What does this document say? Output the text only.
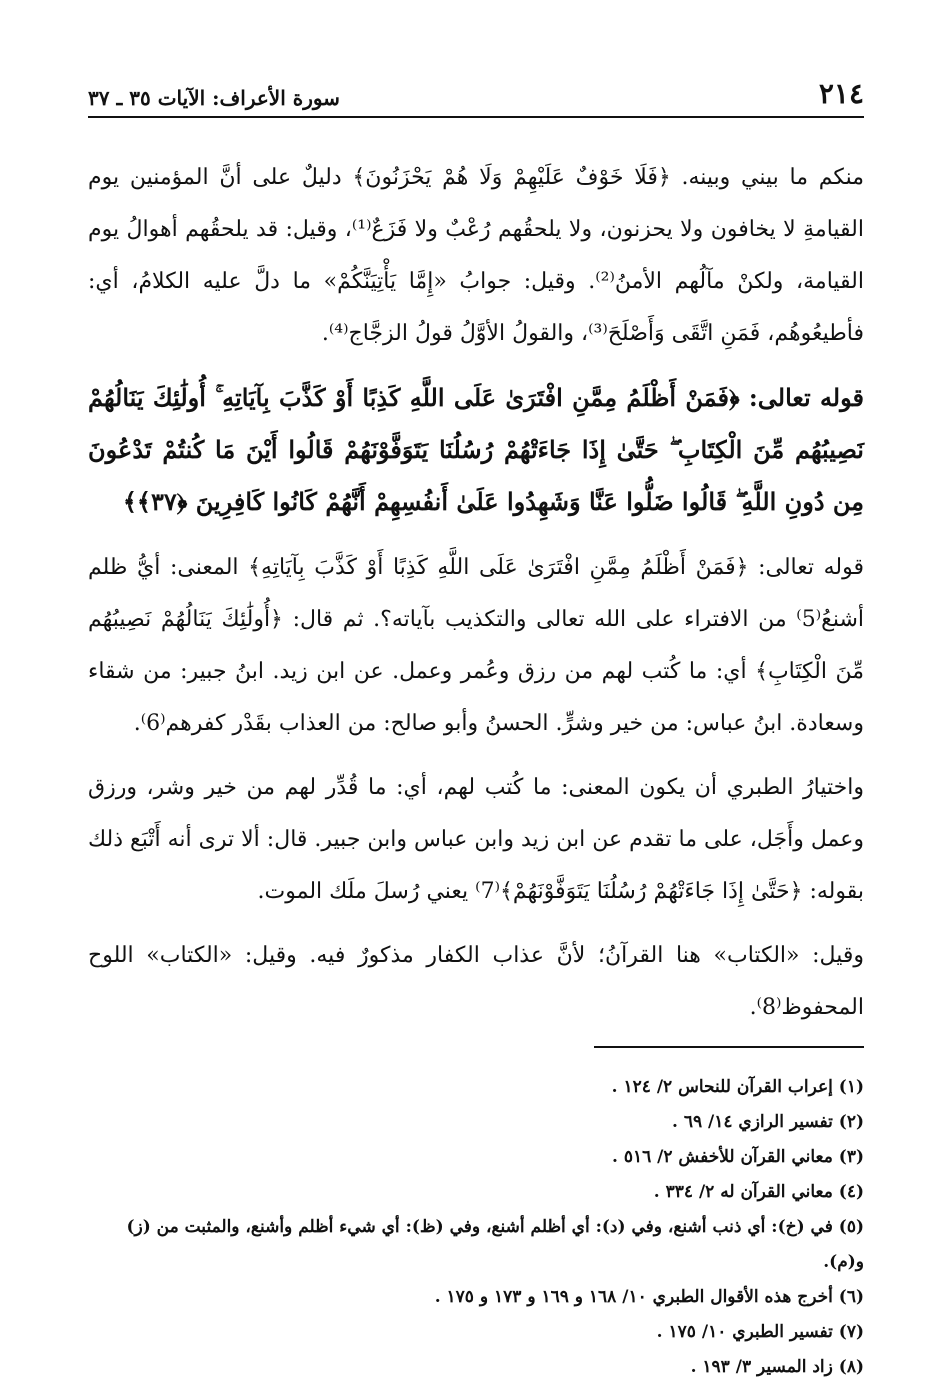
٢١٤
سورة الأعراف: الآيات ٣٥ ـ ٣٧

منكم ما بيني وبينه. ﴿فَلَا خَوْفٌ عَلَيْهِمْ وَلَا هُمْ يَحْزَنُونَ﴾ دليلٌ على أنَّ المؤمنين يوم القيامةِ لا يخافون ولا يحزنون، ولا يلحقُهم رُعْبٌ ولا فَزَعٌ⁽¹⁾، وقيل: قد يلحقُهم أهوالُ يوم القيامة، ولكنْ مآلُهم الأمنُ⁽²⁾. وقيل: جوابُ «إِمَّا يَأْتِيَنَّكُمْ» ما دلَّ عليه الكلامُ، أي: فأطيعُوهُم، فَمَنِ اتَّقَى وَأَصْلَحَ⁽³⁾، والقولُ الأوَّلُ قولُ الزجَّاج⁽⁴⁾.

قوله تعالى: ﴿فَمَنْ أَظْلَمُ مِمَّنِ افْتَرَىٰ عَلَى اللَّهِ كَذِبًا أَوْ كَذَّبَ بِآيَاتِهِ ۚ أُولَٰئِكَ يَنَالُهُمْ نَصِيبُهُم مِّنَ الْكِتَابِ ۖ حَتَّىٰ إِذَا جَاءَتْهُمْ رُسُلُنَا يَتَوَفَّوْنَهُمْ قَالُوا أَيْنَ مَا كُنتُمْ تَدْعُونَ مِن دُونِ اللَّهِ ۖ قَالُوا ضَلُّوا عَنَّا وَشَهِدُوا عَلَىٰ أَنفُسِهِمْ أَنَّهُمْ كَانُوا كَافِرِينَ ﴿٣٧﴾﴾

قوله تعالى: ﴿فَمَنْ أَظْلَمُ مِمَّنِ افْتَرَىٰ عَلَى اللَّهِ كَذِبًا أَوْ كَذَّبَ بِآيَاتِهِ﴾ المعنى: أيُّ ظلم أشنعُ⁽5⁾ من الافتراء على الله تعالى والتكذيب بآياته؟. ثم قال: ﴿أُولَٰئِكَ يَنَالُهُمْ نَصِيبُهُم مِّنَ الْكِتَابِ﴾ أي: ما كُتب لهم من رزق وعُمر وعمل. عن ابن زيد. ابنُ جبير: من شقاء وسعادة. ابنُ عباس: من خير وشرٍّ. الحسنُ وأبو صالح: من العذاب بقَدْر كفرهم⁽6⁾.

واختيارُ الطبري أن يكون المعنى: ما كُتب لهم، أي: ما قُدِّر لهم من خير وشر، ورزق وعمل وأَجَل، على ما تقدم عن ابن زيد وابن عباس وابن جبير. قال: ألا ترى أنه أَتْبَع ذلك بقوله: ﴿حَتَّىٰ إِذَا جَاءَتْهُمْ رُسُلُنَا يَتَوَفَّوْنَهُمْ﴾⁽7⁾ يعني رُسلَ ملَك الموت.

وقيل: «الكتاب» هنا القرآنُ؛ لأنَّ عذاب الكفار مذكورٌ فيه. وقيل: «الكتاب» اللوح المحفوظ⁽8⁾.

(١) إعراب القرآن للنحاس ٢/ ١٢٤ .
(٢) تفسير الرازي ١٤/ ٦٩ .
(٣) معاني القرآن للأخفش ٢/ ٥١٦ .
(٤) معاني القرآن له ٢/ ٣٣٤ .
(٥) في (خ): أي ذنب أشنع، وفي (د): أي أظلم أشنع، وفي (ظ): أي شيء أظلم وأشنع، والمثبت من (ز) و(م).
(٦) أخرج هذه الأقوال الطبري ١٠/ ١٦٨ و ١٦٩ و ١٧٣ و ١٧٥ .
(٧) تفسير الطبري ١٠/ ١٧٥ .
(٨) زاد المسير ٣/ ١٩٣ .
